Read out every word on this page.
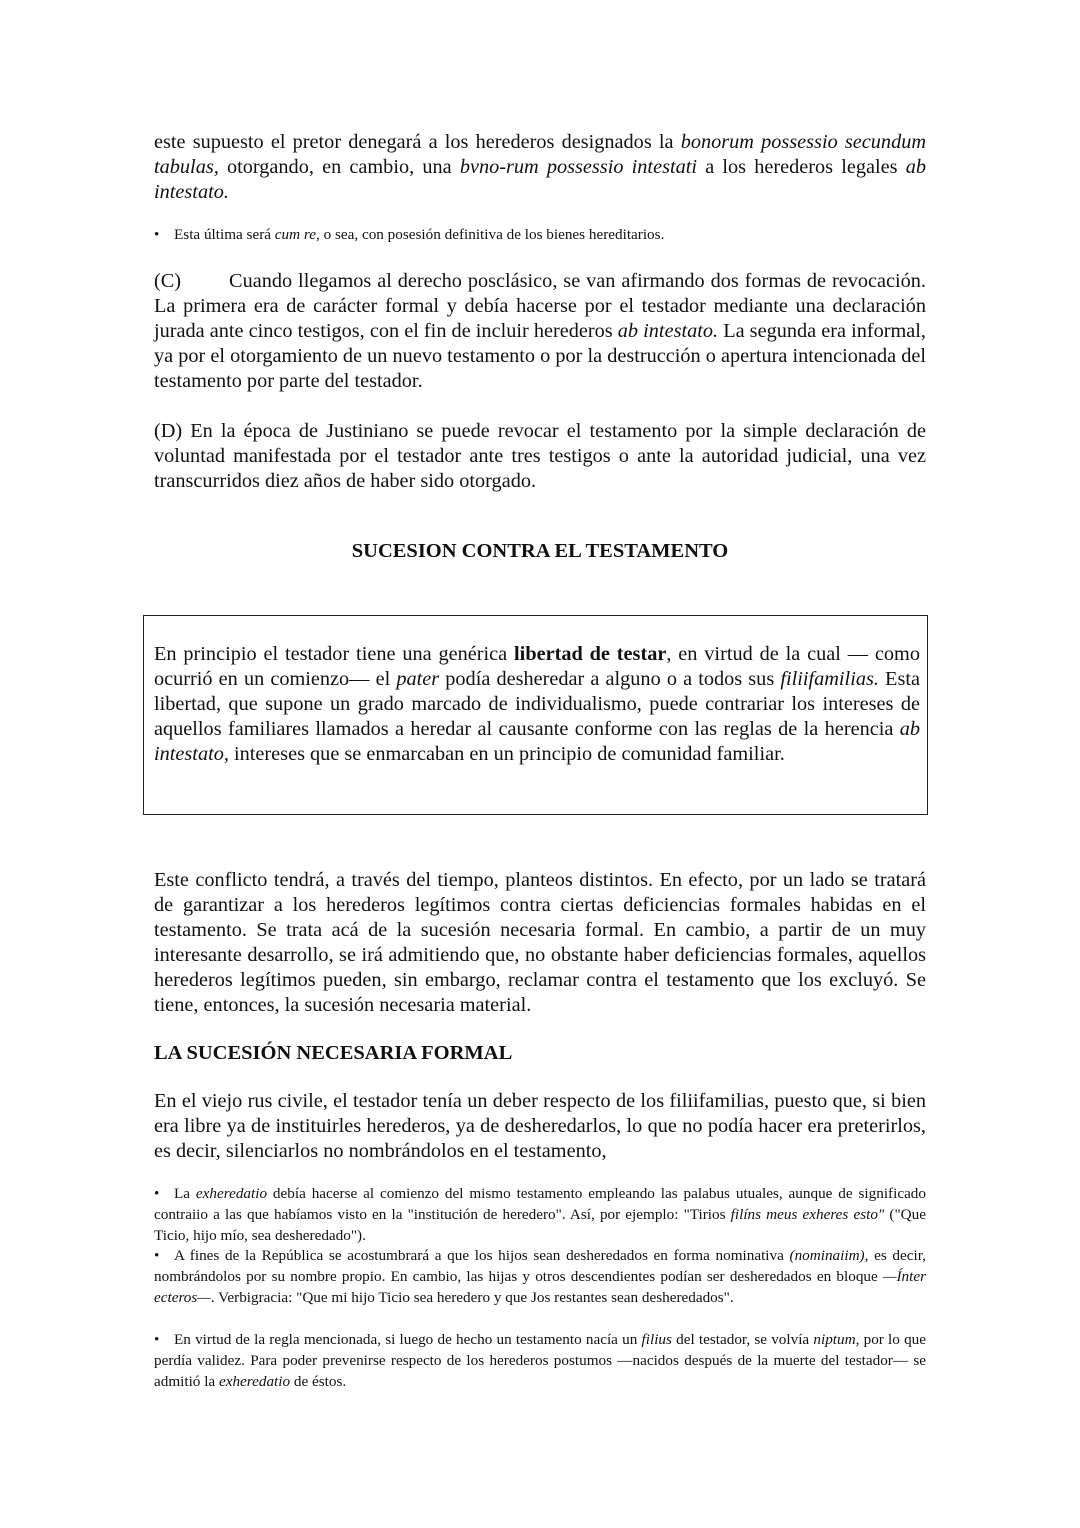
este supuesto el pretor denegará a los herederos designados la bonorum possessio secundum tabulas, otorgando, en cambio, una bvno-rum possessio intestati a los herederos legales ab intestato.

• Esta última será cum re, o sea, con posesión definitiva de los bienes hereditarios.

(C) Cuando llegamos al derecho posclásico, se van afirmando dos formas de revocación. La primera era de carácter formal y debía hacerse por el testador mediante una declaración jurada ante cinco testigos, con el fin de incluir herederos ab intestato. La segunda era informal, ya por el otorgamiento de un nuevo testamento o por la destrucción o apertura intencionada del testamento por parte del testador.

(D) En la época de Justiniano se puede revocar el testamento por la simple declaración de voluntad manifestada por el testador ante tres testigos o ante la autoridad judicial, una vez transcurridos diez años de haber sido otorgado.

SUCESION CONTRA EL TESTAMENTO

En principio el testador tiene una genérica libertad de testar, en virtud de la cual — como ocurrió en un comienzo— el pater podía desheredar a alguno o a todos sus filiifamilias. Esta libertad, que supone un grado marcado de individualismo, puede contrariar los intereses de aquellos familiares llamados a heredar al causante conforme con las reglas de la herencia ab intestato, intereses que se enmarcaban en un principio de comunidad familiar.

Este conflicto tendrá, a través del tiempo, planteos distintos. En efecto, por un lado se tratará de garantizar a los herederos legítimos contra ciertas deficiencias formales habidas en el testamento. Se trata acá de la sucesión necesaria formal. En cambio, a partir de un muy interesante desarrollo, se irá admitiendo que, no obstante haber deficiencias formales, aquellos herederos legítimos pueden, sin embargo, reclamar contra el testamento que los excluyó. Se tiene, entonces, la sucesión necesaria material.

LA SUCESIÓN NECESARIA FORMAL

En el viejo rus civile, el testador tenía un deber respecto de los filiifamilias, puesto que, si bien era libre ya de instituirles herederos, ya de desheredarlos, lo que no podía hacer era preterirlos, es decir, silenciarlos no nombrándolos en el testamento,

• La exheredatio debía hacerse al comienzo del mismo testamento empleando las palabus utuales, aunque de significado contraiio a las que habíamos visto en la "institución de heredero". Así, por ejemplo: "Tirios filíns meus exheres esto" ("Que Ticio, hijo mío, sea desheredado").

• A fines de la República se acostumbrará a que los hijos sean desheredados en forma nominativa (nominaiim), es decir, nombrándolos por su nombre propio. En cambio, las hijas y otros descendientes podían ser desheredados en bloque —Ínter ecteros—. Verbigracia: "Que mi hijo Ticio sea heredero y que Jos restantes sean desheredados".

• En virtud de la regla mencionada, si luego de hecho un testamento nacía un filius del testador, se volvía niptum, por lo que perdía validez. Para poder prevenirse respecto de los herederos postumos —nacidos después de la muerte del testador— se admitió la exheredatio de éstos.
